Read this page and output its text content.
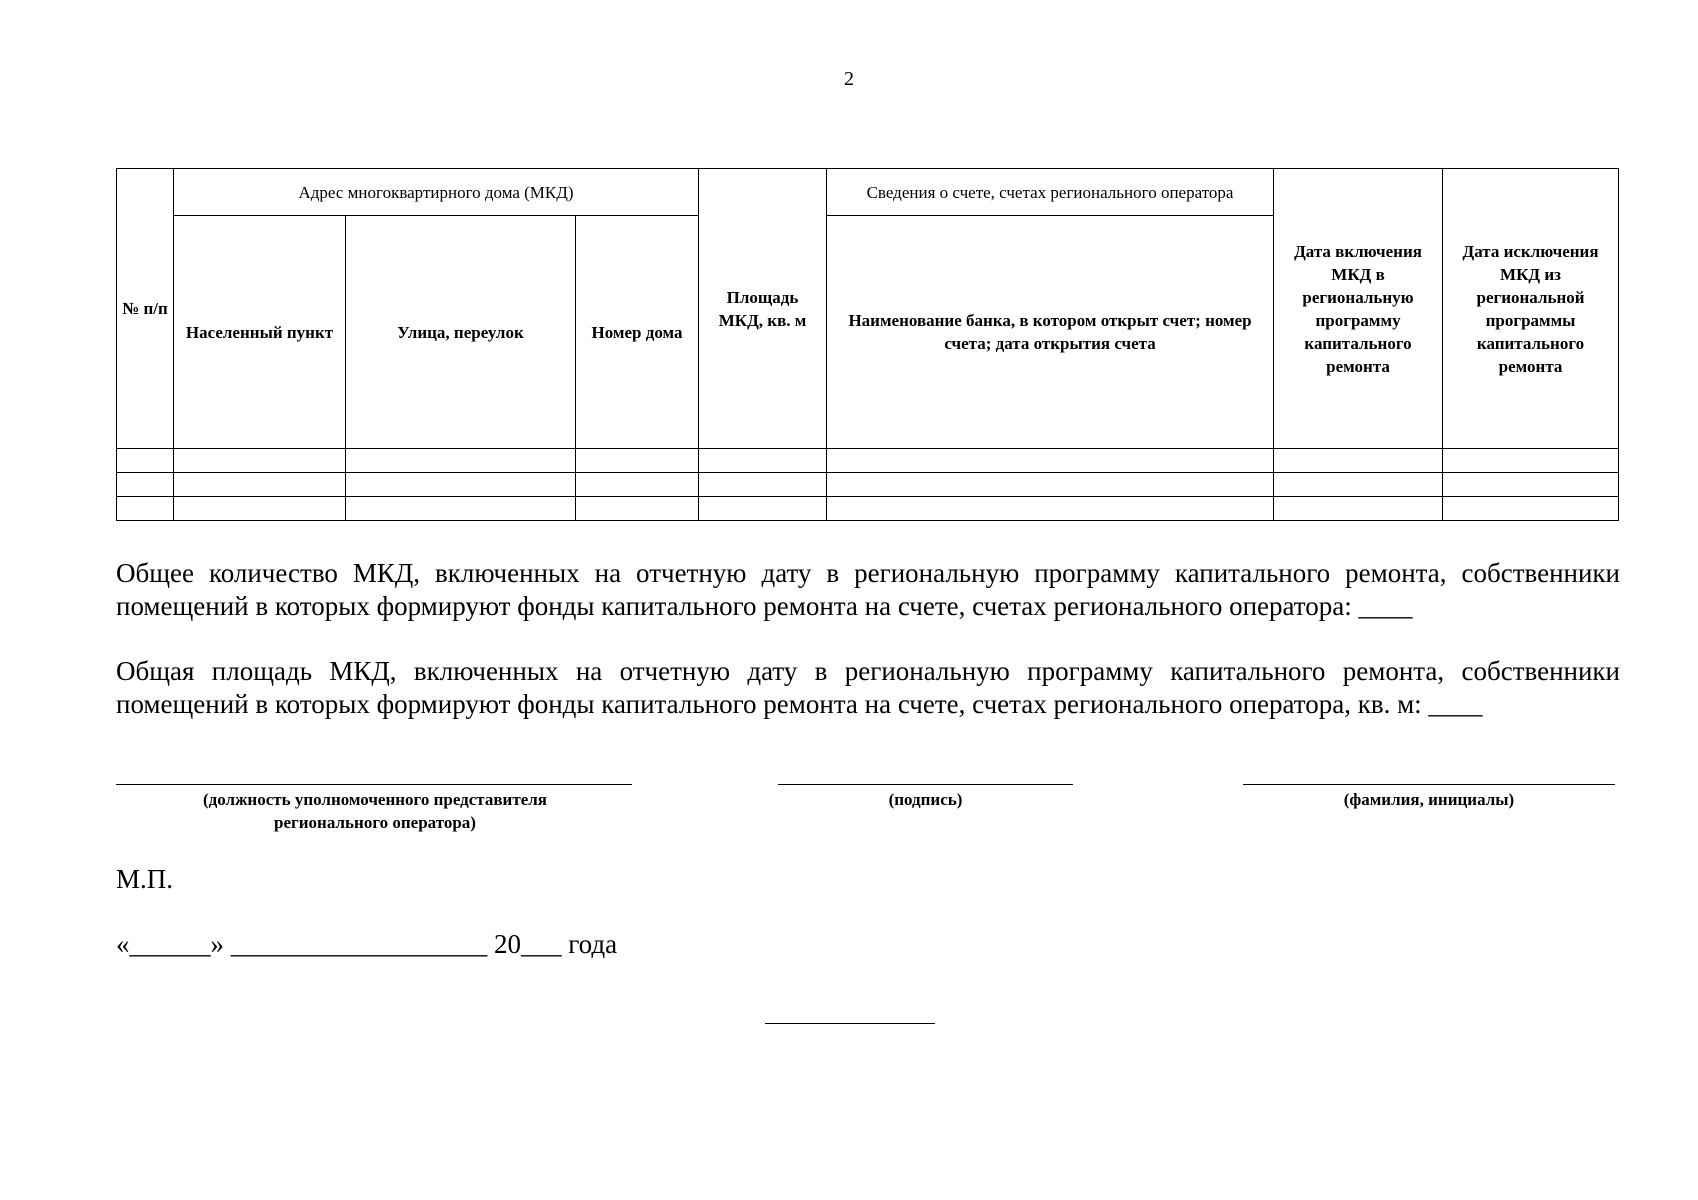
2
№ п/п	Адрес многоквартирного дома (МКД)			Площадь МКД, кв. м	Сведения о счете, счетах регионального оператора	Дата включения МКД в региональную программу капитального ремонта	Дата исключения МКД из региональной программы капитального ремонта
	Населенный пункт	Улица, переулок	Номер дома		Наименование банка, в котором открыт счет; номер счета; дата открытия счета		

Общее количество МКД, включенных на отчетную дату в региональную программу капитального ремонта, собственники помещений в которых формируют фонды капитального ремонта на счете, счетах регионального оператора: ____
Общая площадь МКД, включенных на отчетную дату в региональную программу капитального ремонта, собственники помещений в которых формируют фонды капитального ремонта на счете, счетах регионального оператора, кв. м: ____
(должность уполномоченного представителя регионального оператора)
(подпись)	(фамилия, инициалы)
М.П.
«______» ___________________ 20___ года
